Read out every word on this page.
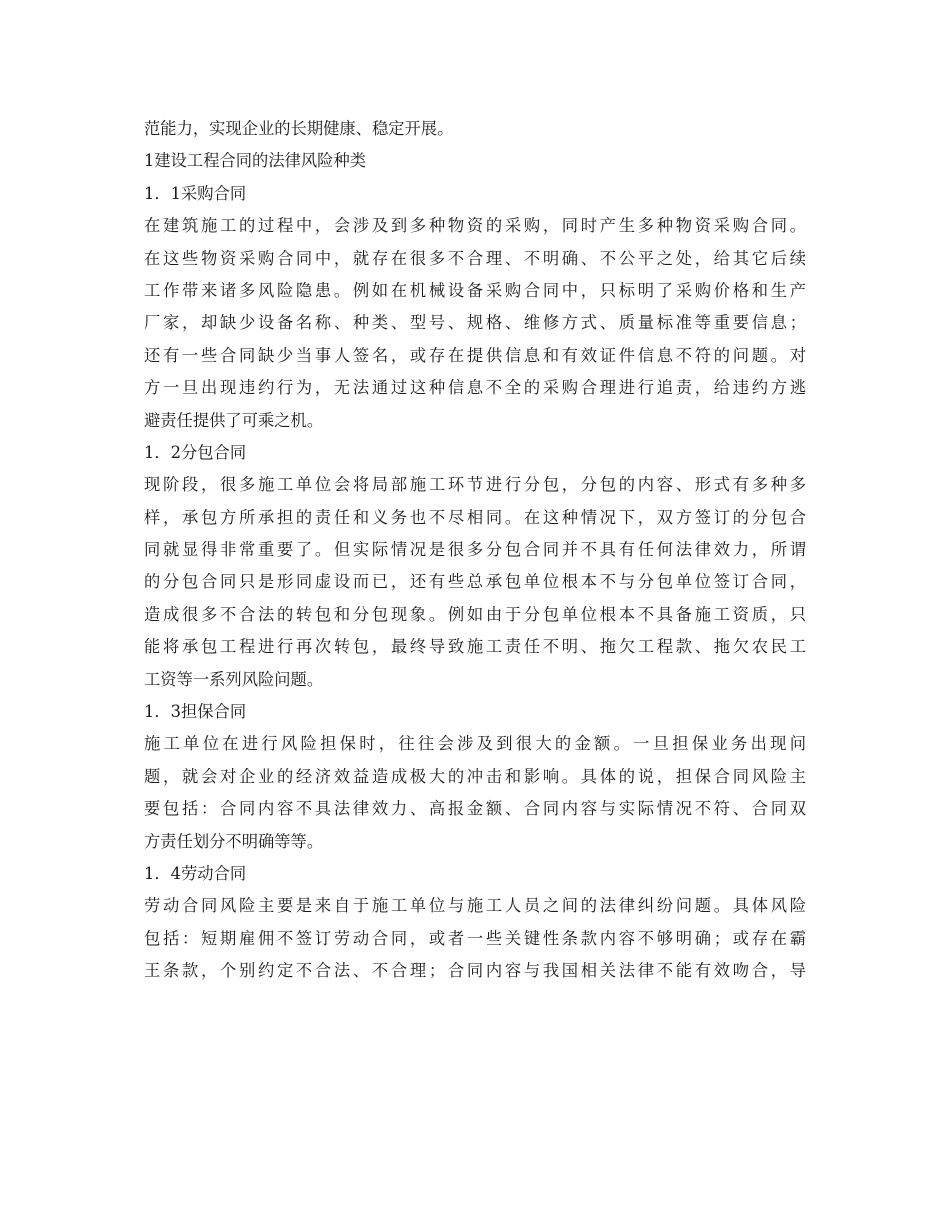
范能力，实现企业的长期健康、稳定开展。
1建设工程合同的法律风险种类
1．1采购合同
在建筑施工的过程中，会涉及到多种物资的采购，同时产生多种物资采购合同。
在这些物资采购合同中，就存在很多不合理、不明确、不公平之处，给其它后续
工作带来诸多风险隐患。例如在机械设备采购合同中，只标明了采购价格和生产
厂家，却缺少设备名称、种类、型号、规格、维修方式、质量标准等重要信息；
还有一些合同缺少当事人签名，或存在提供信息和有效证件信息不符的问题。对
方一旦出现违约行为，无法通过这种信息不全的采购合理进行追责，给违约方逃
避责任提供了可乘之机。
1．2分包合同
现阶段，很多施工单位会将局部施工环节进行分包，分包的内容、形式有多种多
样，承包方所承担的责任和义务也不尽相同。在这种情况下，双方签订的分包合
同就显得非常重要了。但实际情况是很多分包合同并不具有任何法律效力，所谓
的分包合同只是形同虚设而已，还有些总承包单位根本不与分包单位签订合同，
造成很多不合法的转包和分包现象。例如由于分包单位根本不具备施工资质，只
能将承包工程进行再次转包，最终导致施工责任不明、拖欠工程款、拖欠农民工
工资等一系列风险问题。
1．3担保合同
施工单位在进行风险担保时，往往会涉及到很大的金额。一旦担保业务出现问
题，就会对企业的经济效益造成极大的冲击和影响。具体的说，担保合同风险主
要包括：合同内容不具法律效力、高报金额、合同内容与实际情况不符、合同双
方责任划分不明确等等。
1．4劳动合同
劳动合同风险主要是来自于施工单位与施工人员之间的法律纠纷问题。具体风险
包括：短期雇佣不签订劳动合同，或者一些关键性条款内容不够明确；或存在霸
王条款，个别约定不合法、不合理；合同内容与我国相关法律不能有效吻合，导
